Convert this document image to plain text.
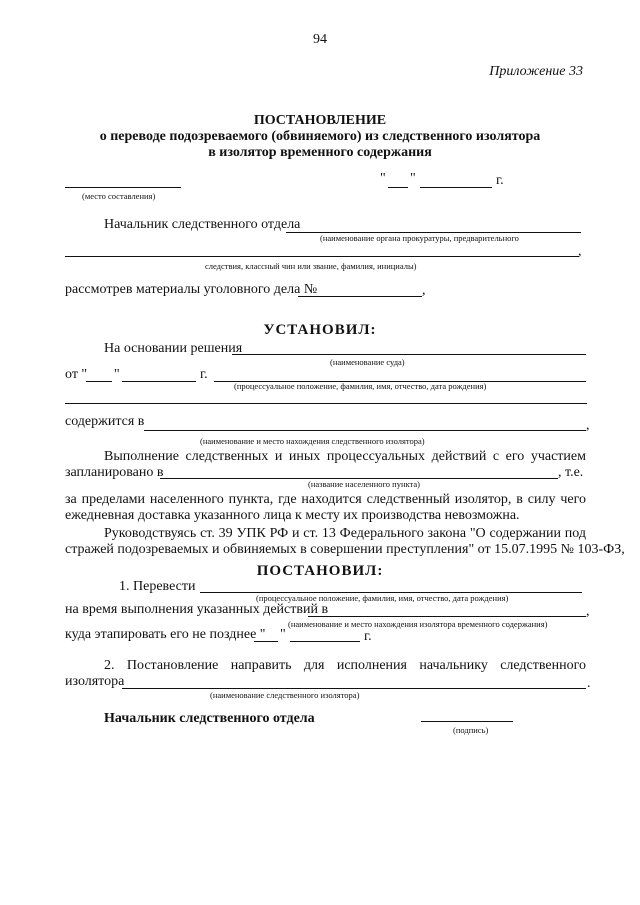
94
Приложение 33
ПОСТАНОВЛЕНИЕ
о переводе подозреваемого (обвиняемого) из следственного изолятора
в изолятор временного содержания
(место составления)
" "	г.
Начальник следственного отдела
(наименование органа прокуратуры, предварительного
,
следствия, классный чин или звание, фамилия, инициалы)
рассмотрев материалы уголовного дела №	,
УСТАНОВИЛ:
На основании решения
(наименование суда)
от " "	г.
(процессуальное положение, фамилия, имя, отчество, дата рождения)
содержится в	,
(наименование и место нахождения следственного изолятора)
Выполнение следственных и иных процессуальных действий с его участием
запланировано в	, т.е.
(название населенного пункта)
за пределами населенного пункта, где находится следственный изолятор, в силу чего
ежедневная доставка указанного лица к месту их производства невозможна.
Руководствуясь ст. 39 УПК РФ и ст. 13 Федерального закона "О содержании под
стражей подозреваемых и обвиняемых в совершении преступления" от 15.07.1995 № 103-ФЗ,
ПОСТАНОВИЛ:
1. Перевести
(процессуальное положение, фамилия, имя, отчество, дата рождения)
на время выполнения указанных действий в	,
(наименование и место нахождения изолятора временного содержания)
куда этапировать его не позднее " "	г.
2. Постановление направить для исполнения начальнику следственного
изолятора	.
(наименование следственного изолятора)
Начальник следственного отдела
(подпись)
